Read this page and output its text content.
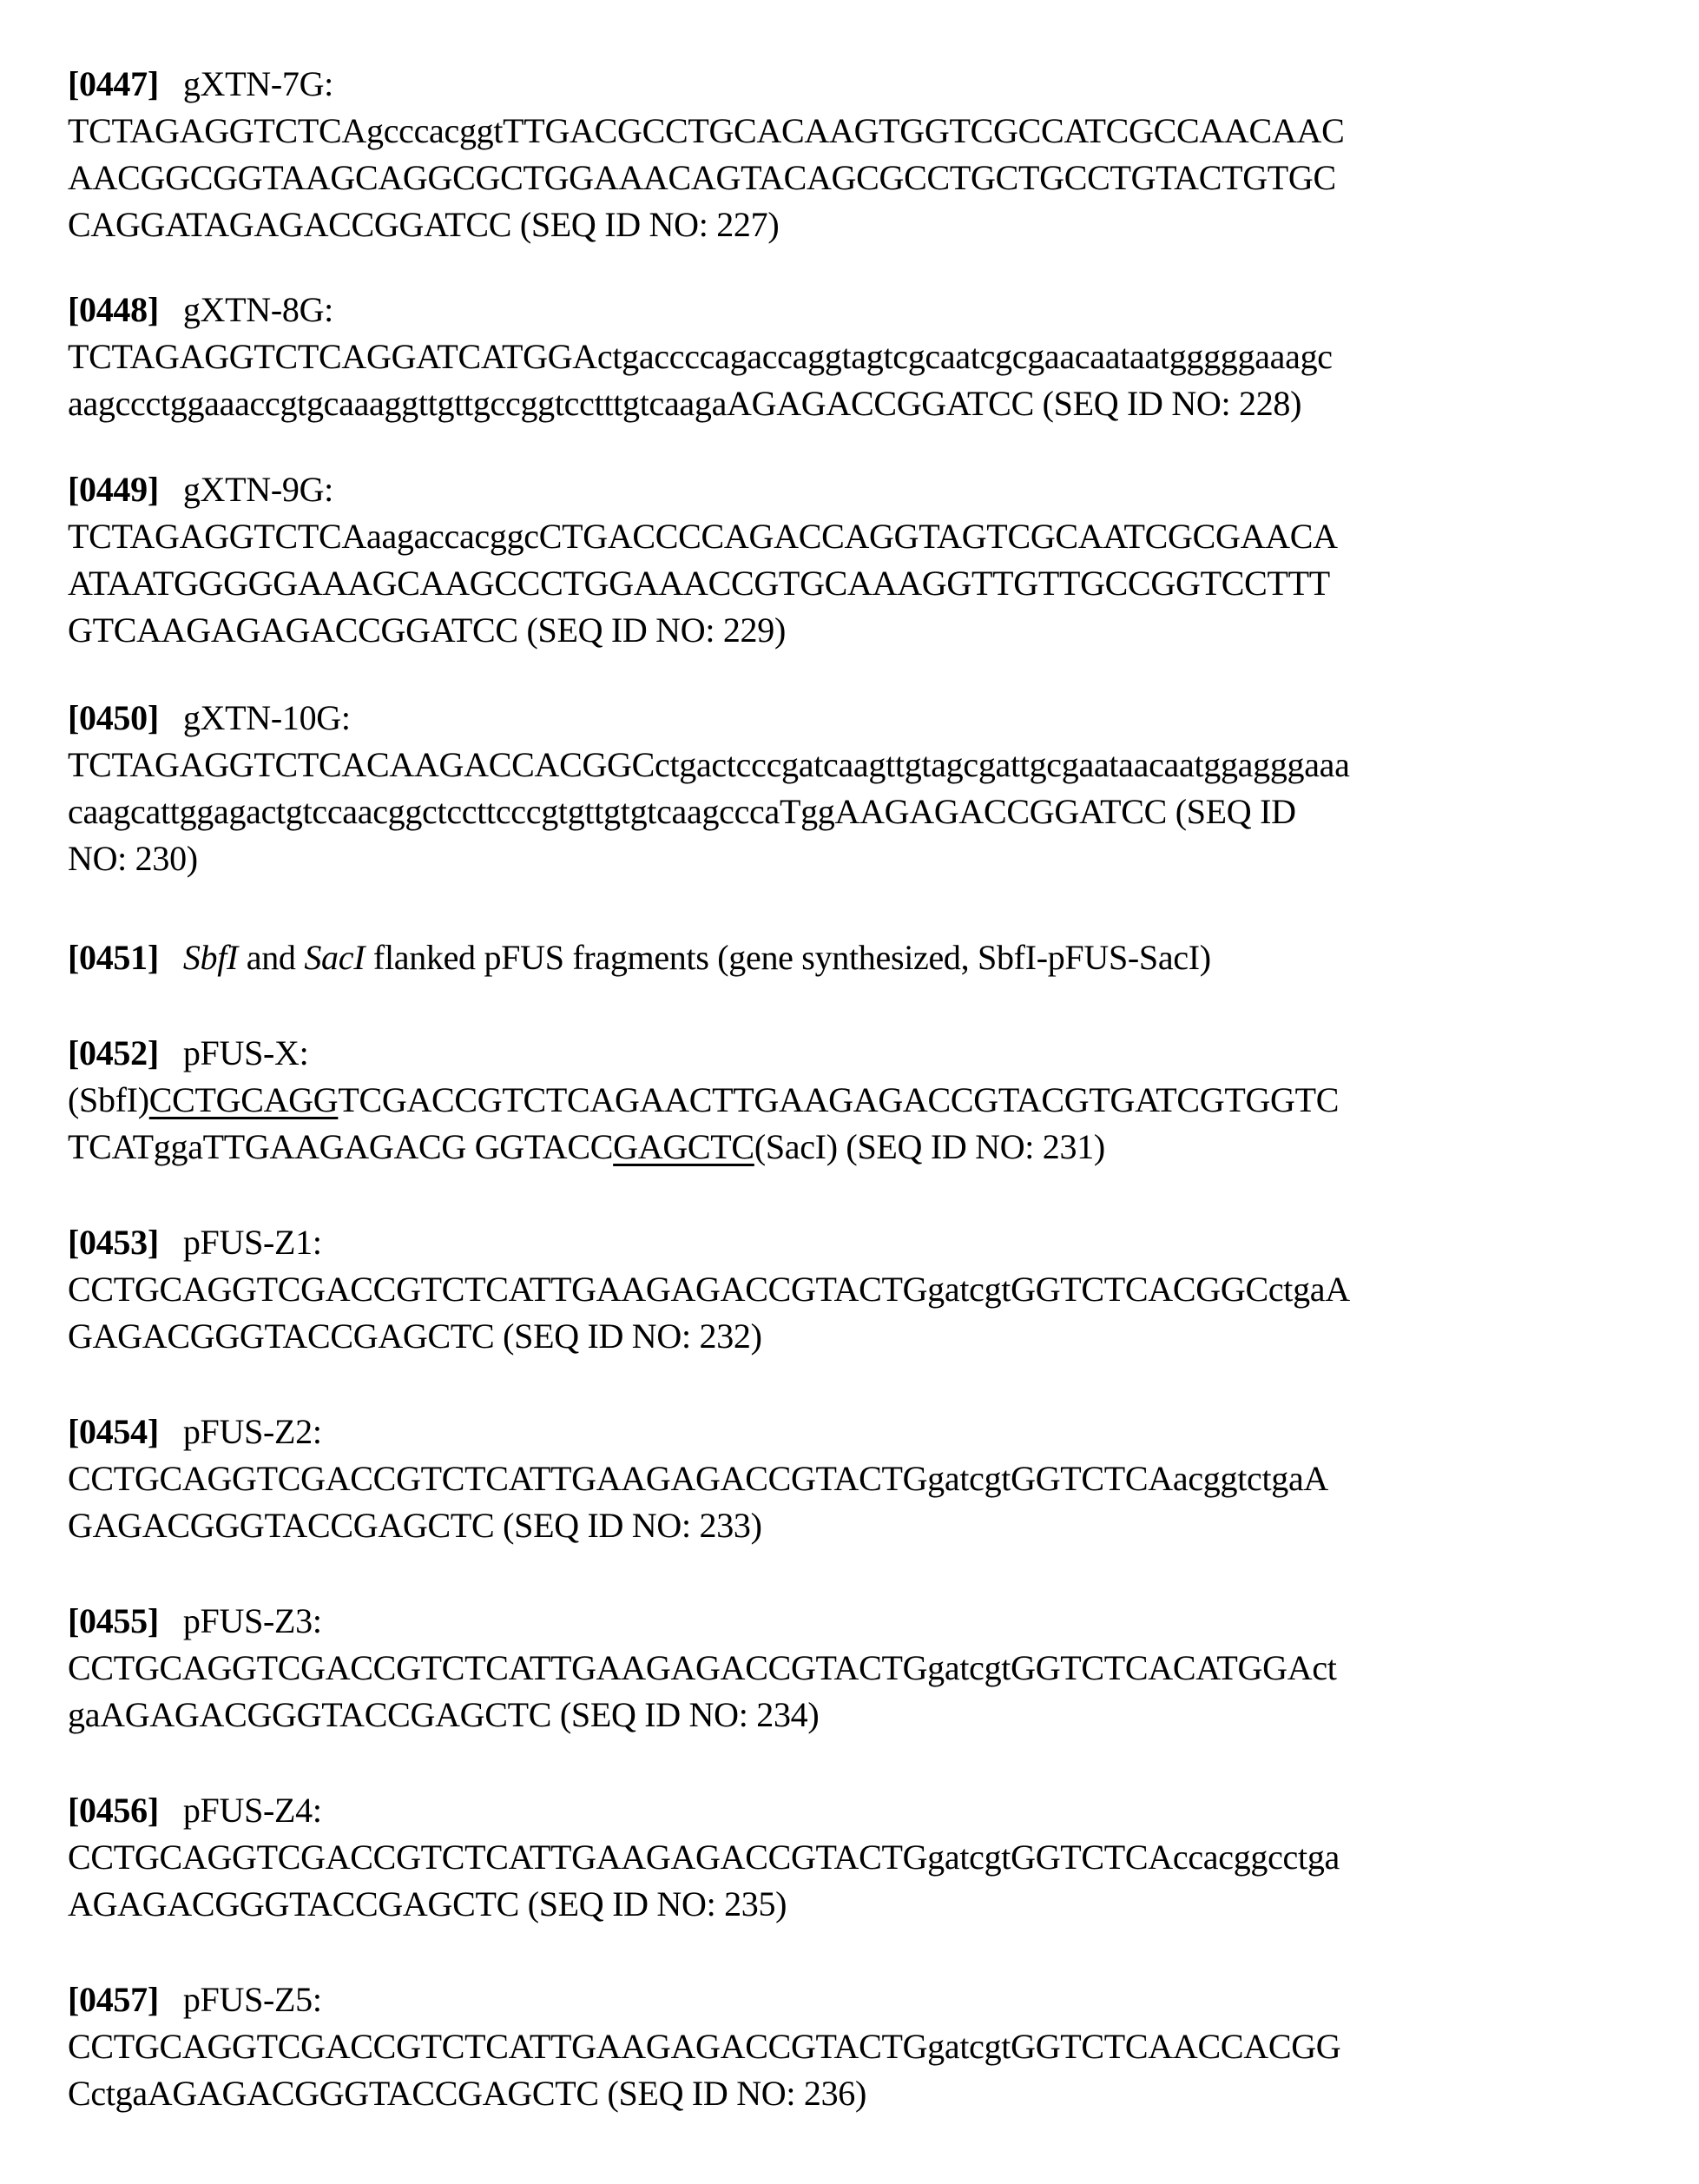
[0447] gXTN-7G:
TCTAGAGGTCTCAgcccacggtTTGACGCCTGCACAAGTGGTCGCCATCGCCAACAAC
AACGGCGGTAAGCAGGCGCTGGAAACAGTACAGCGCCTGCTGCCTGTACTGTGC
CAGGATAGAGACCGGATCC (SEQ ID NO: 227)
[0448] gXTN-8G:
TCTAGAGGTCTCAGGATCATGGActgaccccagaccaggtagtcgcaatcgcgaacaataatgggggaaagc
aagccctggaaaccgtgcaaaggttgttgccggtcctttgtcaagaAGAGACCGGATCC (SEQ ID NO: 228)
[0449] gXTN-9G:
TCTAGAGGTCTCAaagaccacggcCTGACCCCAGACCAGGTAGTCGCAATCGCGAACA
ATAATGGGGGAAAGCAAGCCCTGGAAACCGTGCAAAGGTTGTTGCCGGTCCTTT
GTCAAGAGAGACCGGATCC (SEQ ID NO: 229)
[0450] gXTN-10G:
TCTAGAGGTCTCACAAGACCACGGCctgactcccgatcaagttgtagcgattgcgaataacaatggagggaaa
caagcattggagactgtccaacggctccttcccgtgttgtgtcaagcccaTggAAGAGACCGGATCC (SEQ ID
NO: 230)
[0451] SbfI and SacI flanked pFUS fragments (gene synthesized, SbfI-pFUS-SacI)
[0452] pFUS-X:
(SbfI)CCTGCAGGTCGACCGTCTCAGAACTTGAAGAGACCGTACGTGATCGTGGTC
TCATggaTTGAAGAGACG GGTACCGAGCTC(SacI) (SEQ ID NO: 231)
[0453] pFUS-Z1:
CCTGCAGGTCGACCGTCTCATTGAAGAGACCGTACTGgatcgtGGTCTCACGGCctgaA
GAGACGGGTACCGAGCTC (SEQ ID NO: 232)
[0454] pFUS-Z2:
CCTGCAGGTCGACCGTCTCATTGAAGAGACCGTACTGgatcgtGGTCTCAacggtctgaA
GAGACGGGTACCGAGCTC (SEQ ID NO: 233)
[0455] pFUS-Z3:
CCTGCAGGTCGACCGTCTCATTGAAGAGACCGTACTGgatcgtGGTCTCACATGGAct
gaAGAGACGGGTACCGAGCTC (SEQ ID NO: 234)
[0456] pFUS-Z4:
CCTGCAGGTCGACCGTCTCATTGAAGAGACCGTACTGgatcgtGGTCTCAccacggcctga
AGAGACGGGTACCGAGCTC (SEQ ID NO: 235)
[0457] pFUS-Z5:
CCTGCAGGTCGACCGTCTCATTGAAGAGACCGTACTGgatcgtGGTCTCAACCACGG
CctgaAGAGACGGGTACCGAGCTC (SEQ ID NO: 236)
